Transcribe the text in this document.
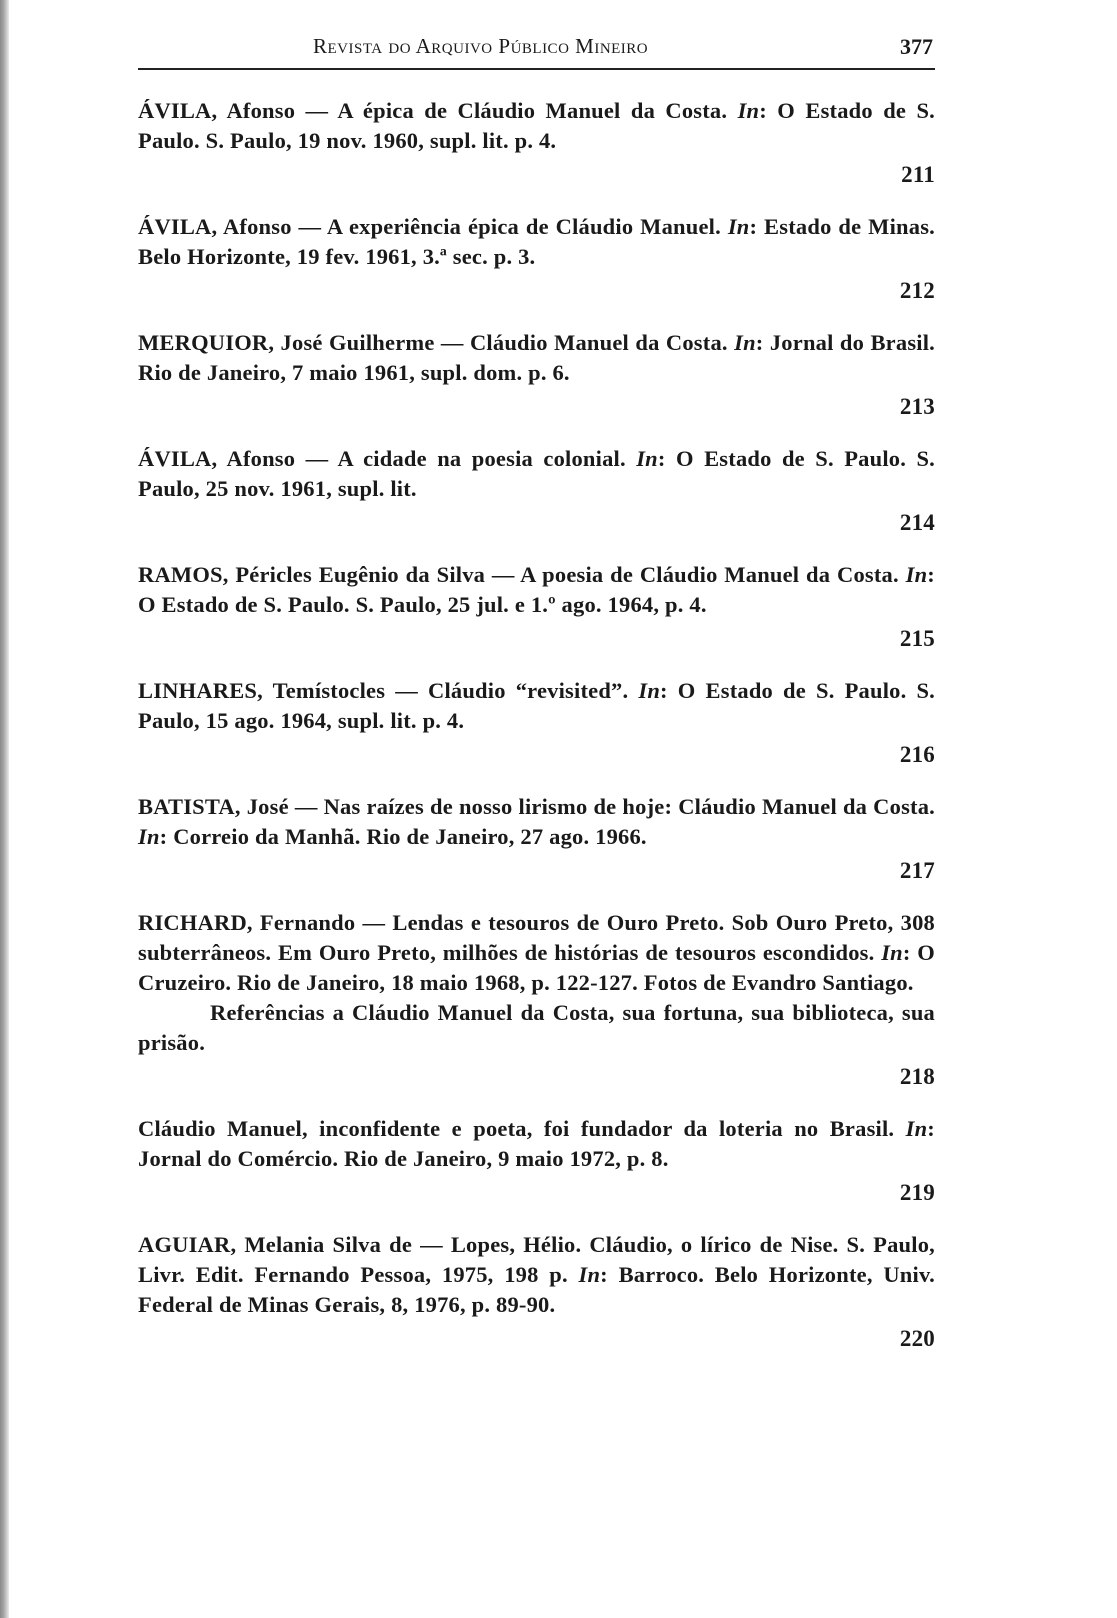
Revista do Arquivo Público Mineiro	377
ÁVILA, Afonso — A épica de Cláudio Manuel da Costa. In: O Estado de S. Paulo. S. Paulo, 19 nov. 1960, supl. lit. p. 4.
211
ÁVILA, Afonso — A experiência épica de Cláudio Manuel. In: Estado de Minas. Belo Horizonte, 19 fev. 1961, 3.ª sec. p. 3.
212
MERQUIOR, José Guilherme — Cláudio Manuel da Costa. In: Jornal do Brasil. Rio de Janeiro, 7 maio 1961, supl. dom. p. 6.
213
ÁVILA, Afonso — A cidade na poesia colonial. In: O Estado de S. Paulo. S. Paulo, 25 nov. 1961, supl. lit.
214
RAMOS, Péricles Eugênio da Silva — A poesia de Cláudio Manuel da Costa. In: O Estado de S. Paulo. S. Paulo, 25 jul. e 1.º ago. 1964, p. 4.
215
LINHARES, Temístocles — Cláudio “revisited”. In: O Estado de S. Paulo. S. Paulo, 15 ago. 1964, supl. lit. p. 4.
216
BATISTA, José — Nas raízes de nosso lirismo de hoje: Cláudio Manuel da Costa. In: Correio da Manhã. Rio de Janeiro, 27 ago. 1966.
217
RICHARD, Fernando — Lendas e tesouros de Ouro Preto. Sob Ouro Preto, 308 subterrâneos. Em Ouro Preto, milhões de histórias de tesouros escondidos. In: O Cruzeiro. Rio de Janeiro, 18 maio 1968, p. 122-127. Fotos de Evandro Santiago.
Referências a Cláudio Manuel da Costa, sua fortuna, sua biblioteca, sua prisão.
218
Cláudio Manuel, inconfidente e poeta, foi fundador da loteria no Brasil. In: Jornal do Comércio. Rio de Janeiro, 9 maio 1972, p. 8.
219
AGUIAR, Melania Silva de — Lopes, Hélio. Cláudio, o lírico de Nise. S. Paulo, Livr. Edit. Fernando Pessoa, 1975, 198 p. In: Barroco. Belo Horizonte, Univ. Federal de Minas Gerais, 8, 1976, p. 89-90.
220
